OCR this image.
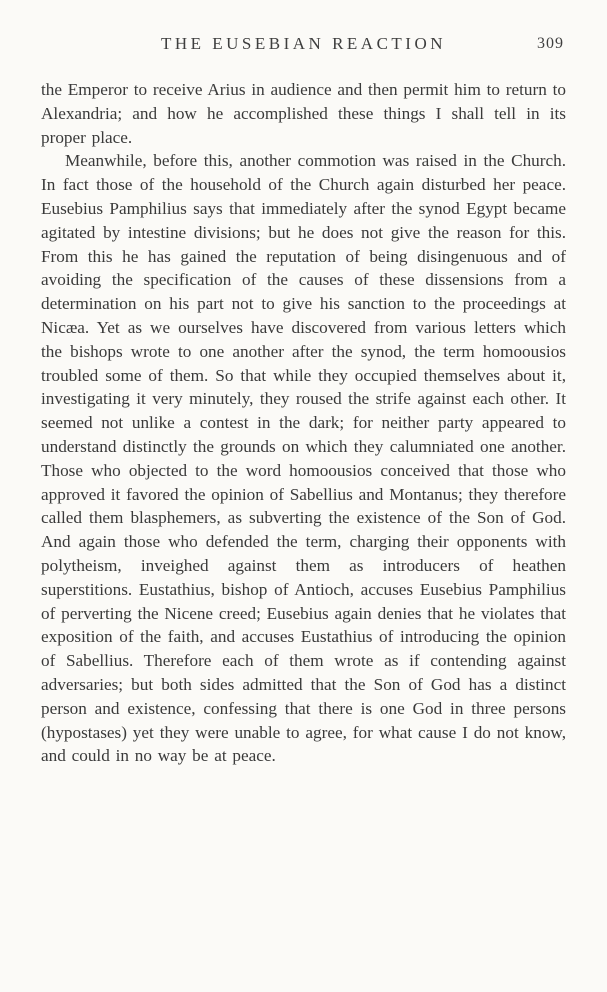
THE EUSEBIAN REACTION	309

the Emperor to receive Arius in audience and then permit him to return to Alexandria; and how he accomplished these things I shall tell in its proper place.

Meanwhile, before this, another commotion was raised in the Church. In fact those of the household of the Church again disturbed her peace. Eusebius Pamphilius says that immediately after the synod Egypt became agitated by intestine divisions; but he does not give the reason for this. From this he has gained the reputation of being disingenuous and of avoiding the specification of the causes of these dissensions from a determination on his part not to give his sanction to the proceedings at Nicæa. Yet as we ourselves have discovered from various letters which the bishops wrote to one another after the synod, the term homoousios troubled some of them. So that while they occupied themselves about it, investigating it very minutely, they roused the strife against each other. It seemed not unlike a contest in the dark; for neither party appeared to understand distinctly the grounds on which they calumniated one another. Those who objected to the word homoousios conceived that those who approved it favored the opinion of Sabellius and Montanus; they therefore called them blasphemers, as subverting the existence of the Son of God. And again those who defended the term, charging their opponents with polytheism, inveighed against them as introducers of heathen superstitions. Eustathius, bishop of Antioch, accuses Eusebius Pamphilius of perverting the Nicene creed; Eusebius again denies that he violates that exposition of the faith, and accuses Eustathius of introducing the opinion of Sabellius. Therefore each of them wrote as if contending against adversaries; but both sides admitted that the Son of God has a distinct person and existence, confessing that there is one God in three persons (hypostases) yet they were unable to agree, for what cause I do not know, and could in no way be at peace.
